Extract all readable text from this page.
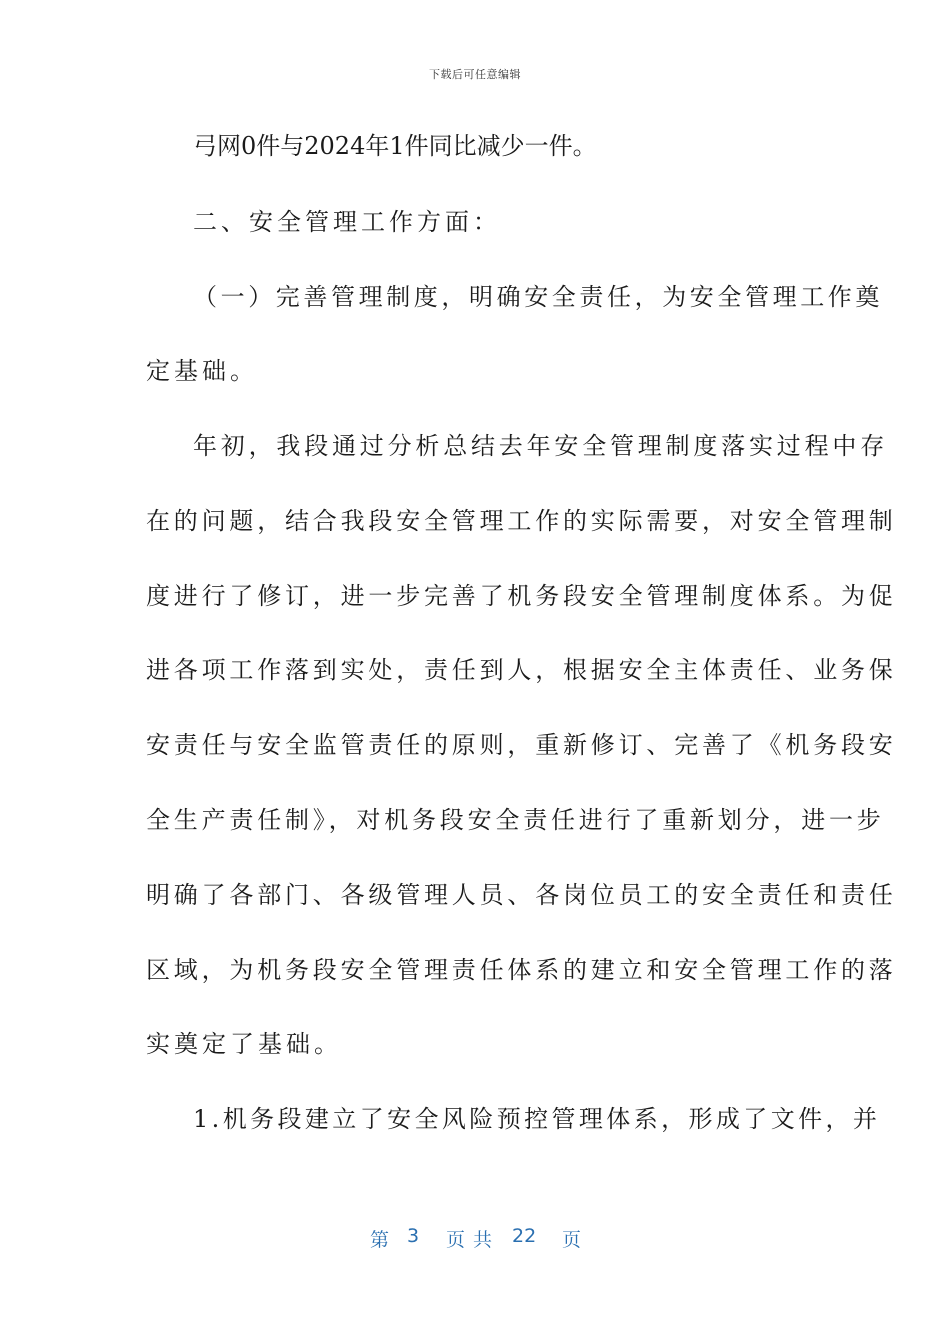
下载后可任意编辑
弓网0件与2024年1件同比减少一件。
二、安全管理工作方面：
（一）完善管理制度，明确安全责任，为安全管理工作奠
定基础。
年初，我段通过分析总结去年安全管理制度落实过程中存
在的问题，结合我段安全管理工作的实际需要，对安全管理制
度进行了修订，进一步完善了机务段安全管理制度体系。为促
进各项工作落到实处，责任到人，根据安全主体责任、业务保
安责任与安全监管责任的原则，重新修订、完善了《机务段安
全生产责任制》，对机务段安全责任进行了重新划分，进一步
明确了各部门、各级管理人员、各岗位员工的安全责任和责任
区域，为机务段安全管理责任体系的建立和安全管理工作的落
实奠定了基础。
1.机务段建立了安全风险预控管理体系，形成了文件，并
第 3 页共 22 页
